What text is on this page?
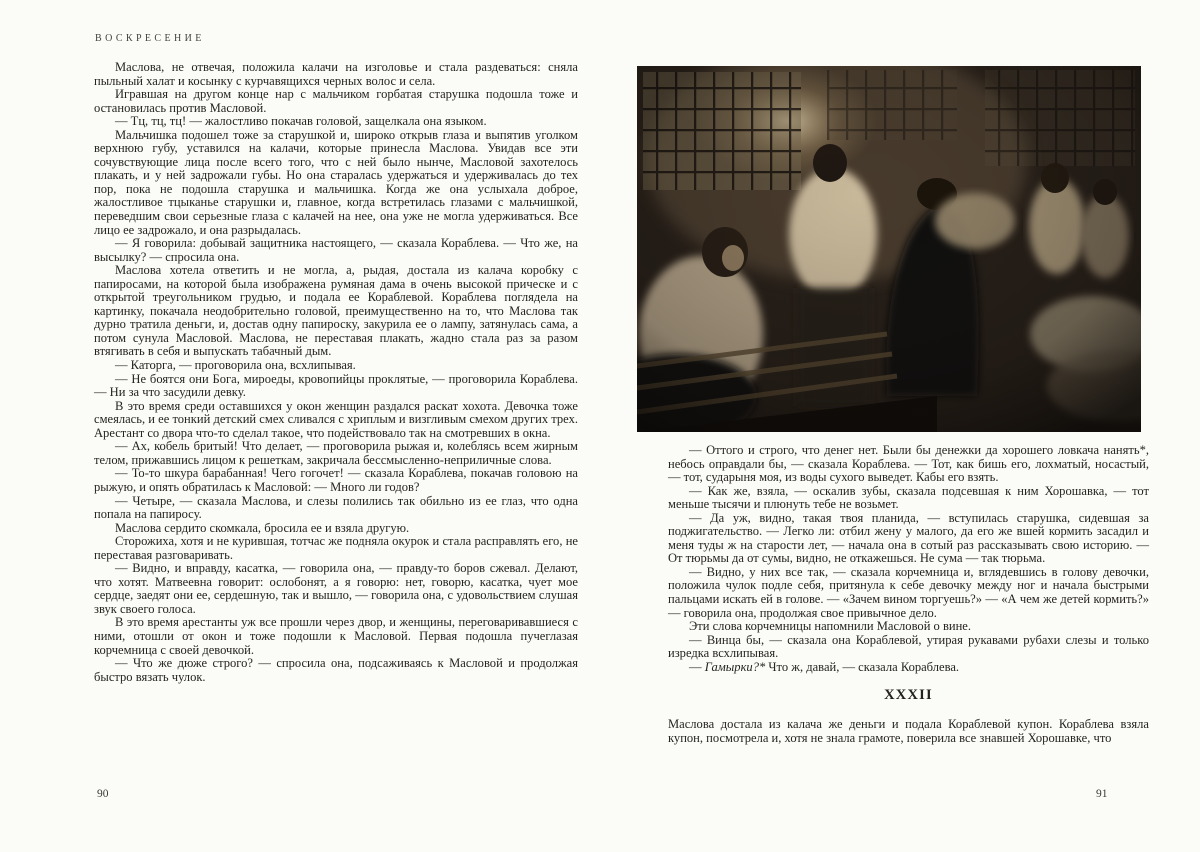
ВОСКРЕСЕНИЕ

Маслова, не отвечая, положила калачи на изголовье и стала раздеваться: сняла пыльный халат и косынку с курчавящихся черных волос и села.

Игравшая на другом конце нар с мальчиком горбатая старушка подошла тоже и остановилась против Масловой.

— Тц, тц, тц! — жалостливо покачав головой, защелкала она языком.

Мальчишка подошел тоже за старушкой и, широко открыв глаза и выпятив уголком верхнюю губу, уставился на калачи, которые принесла Маслова. Увидав все эти сочувствующие лица после всего того, что с ней было нынче, Масловой захотелось плакать, и у ней задрожали губы. Но она старалась удержаться и удерживалась до тех пор, пока не подошла старушка и мальчишка. Когда же она услыхала доброе, жалостливое тцыканье старушки и, главное, когда встретилась глазами с мальчишкой, переведшим свои серьезные глаза с калачей на нее, она уже не могла удерживаться. Все лицо ее задрожало, и она разрыдалась.

— Я говорила: добывай защитника настоящего, — сказала Кораблева. — Что же, на высылку? — спросила она.

Маслова хотела ответить и не могла, а, рыдая, достала из калача коробку с папиросами, на которой была изображена румяная дама в очень высокой прическе и с открытой треугольником грудью, и подала ее Кораблевой. Кораблева поглядела на картинку, покачала неодобрительно головой, преимущественно на то, что Маслова так дурно тратила деньги, и, достав одну папироску, закурила ее о лампу, затянулась сама, а потом сунула Масловой. Маслова, не переставая плакать, жадно стала раз за разом втягивать в себя и выпускать табачный дым.

— Каторга, — проговорила она, всхлипывая.

— Не боятся они Бога, мироеды, кровопийцы проклятые, — проговорила Кораблева. — Ни за что засудили девку.

В это время среди оставшихся у окон женщин раздался раскат хохота. Девочка тоже смеялась, и ее тонкий детский смех сливался с хриплым и визгливым смехом других трех. Арестант со двора что-то сделал такое, что подействовало так на смотревших в окна.

— Ах, кобель бритый! Что делает, — проговорила рыжая и, колеблясь всем жирным телом, прижавшись лицом к решеткам, закричала бессмысленно-неприличные слова.

— То-то шкура барабанная! Чего гогочет! — сказала Кораблева, покачав головою на рыжую, и опять обратилась к Масловой: — Много ли годов?

— Четыре, — сказала Маслова, и слезы полились так обильно из ее глаз, что одна попала на папиросу.

Маслова сердито скомкала, бросила ее и взяла другую.

Сторожиха, хотя и не курившая, тотчас же подняла окурок и стала расправлять его, не переставая разговаривать.

— Видно, и вправду, касатка, — говорила она, — правду-то боров сжевал. Делают, что хотят. Матвеевна говорит: ослобонят, а я говорю: нет, говорю, касатка, чует мое сердце, заедят они ее, сердешную, так и вышло, — говорила она, с удовольствием слушая звук своего голоса.

В это время арестанты уж все прошли через двор, и женщины, переговаривавшиеся с ними, отошли от окон и тоже подошли к Масловой. Первая подошла пучеглазая корчемница с своей девочкой.

— Что же дюже строго? — спросила она, подсаживаясь к Масловой и продолжая быстро вязать чулок.

90

— Оттого и строго, что денег нет. Были бы денежки да хорошего ловкача нанять*, небось оправдали бы, — сказала Кораблева. — Тот, как бишь его, лохматый, носастый, — тот, сударыня моя, из воды сухого выведет. Кабы его взять.

— Как же, взяла, — оскалив зубы, сказала подсевшая к ним Хорошавка, — тот меньше тысячи и плюнуть тебе не возьмет.

— Да уж, видно, такая твоя планида, — вступилась старушка, сидевшая за поджигательство. — Легко ли: отбил жену у малого, да его же вшей кормить засадил и меня туды ж на старости лет, — начала она в сотый раз рассказывать свою историю. — От тюрьмы да от сумы, видно, не откажешься. Не сума — так тюрьма.

— Видно, у них все так, — сказала корчемница и, вглядевшись в голову девочки, положила чулок подле себя, притянула к себе девочку между ног и начала быстрыми пальцами искать ей в голове. — «Зачем вином торгуешь?» — «А чем же детей кормить?» — говорила она, продолжая свое привычное дело.

Эти слова корчемницы напомнили Масловой о вине.

— Винца бы, — сказала она Кораблевой, утирая рукавами рубахи слезы и только изредка всхлипывая.

— Гамырки?* Что ж, давай, — сказала Кораблева.

XXXII

Маслова достала из калача же деньги и подала Кораблевой купон. Кораблева взяла купон, посмотрела и, хотя не знала грамоте, поверила все знавшей Хорошавке, что

91
